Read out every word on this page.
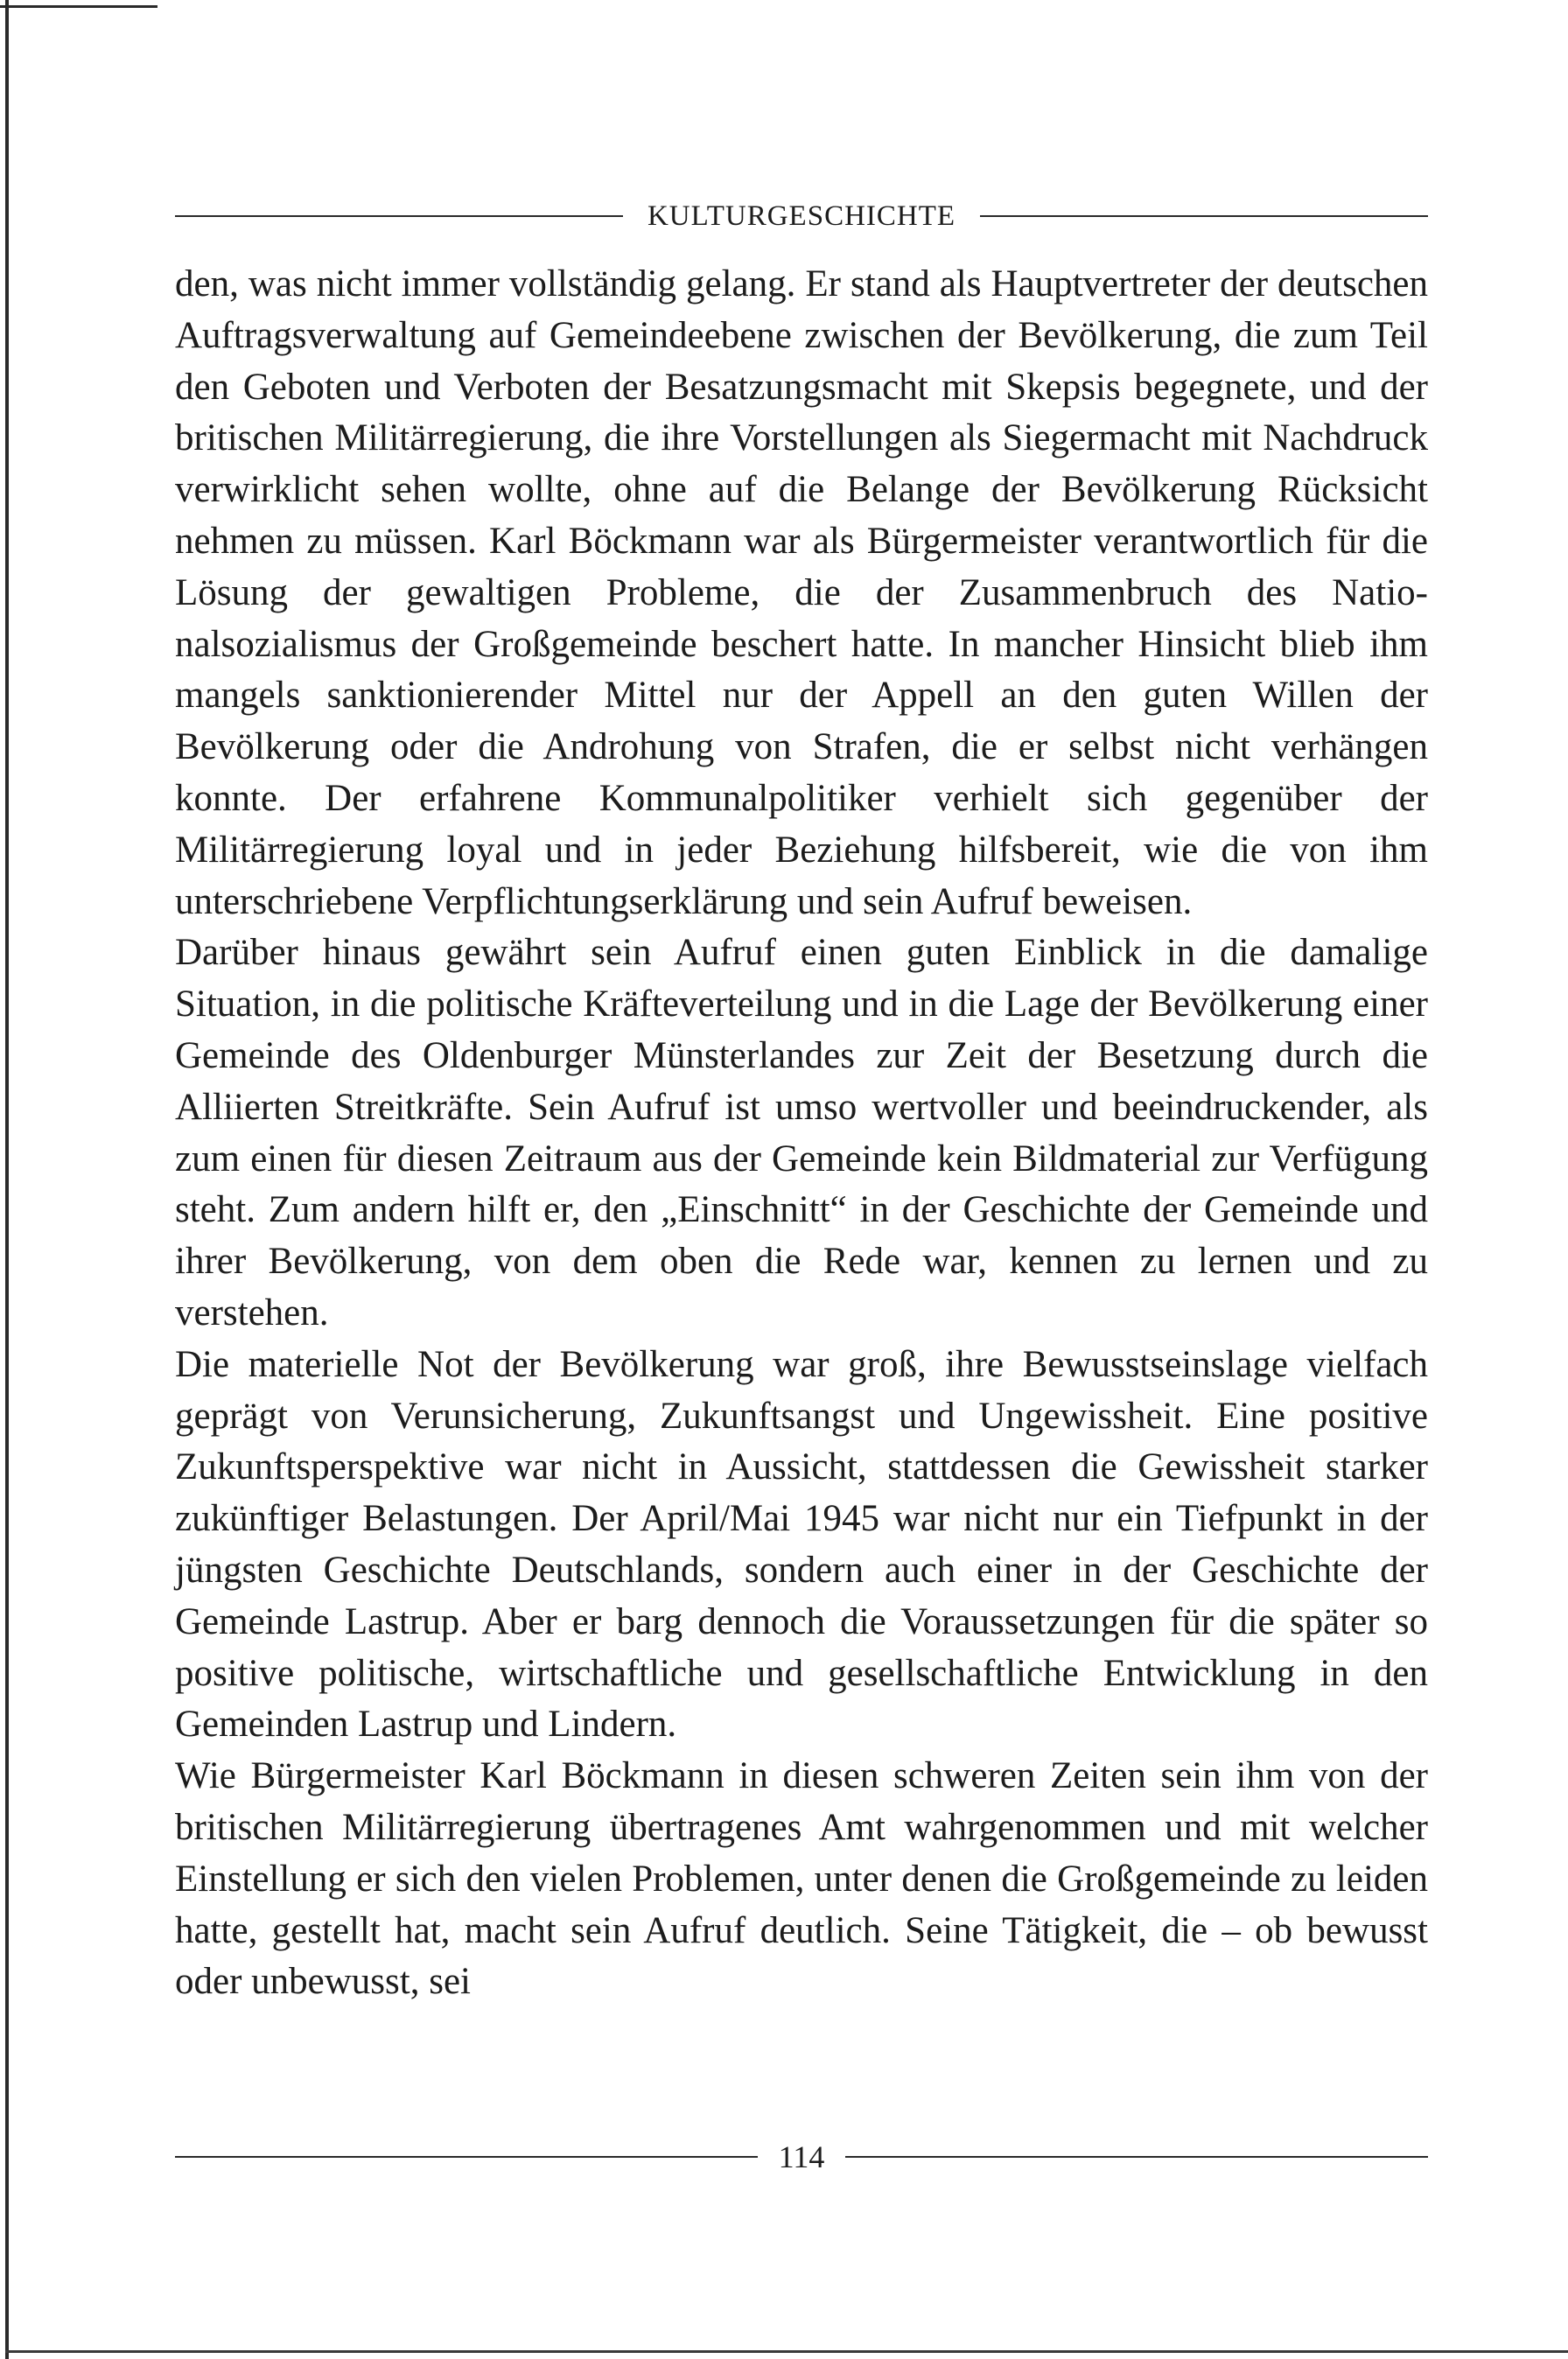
KULTURGESCHICHTE

den, was nicht immer vollständig gelang. Er stand als Hauptvertreter der deutschen Auftragsverwaltung auf Gemeindeebene zwischen der Bevölkerung, die zum Teil den Geboten und Verboten der Besatzungsmacht mit Skepsis begegnete, und der britischen Militärregierung, die ihre Vorstellungen als Siegermacht mit Nachdruck verwirklicht sehen wollte, ohne auf die Belange der Bevölkerung Rücksicht nehmen zu müssen. Karl Böckmann war als Bürgermeister verantwortlich für die Lösung der gewaltigen Probleme, die der Zusammenbruch des Nationalsozialismus der Großgemeinde beschert hatte. In mancher Hinsicht blieb ihm mangels sanktionierender Mittel nur der Appell an den guten Willen der Bevölkerung oder die Androhung von Strafen, die er selbst nicht verhängen konnte. Der erfahrene Kommunalpolitiker verhielt sich gegenüber der Militärregierung loyal und in jeder Beziehung hilfsbereit, wie die von ihm unterschriebene Verpflichtungserklärung und sein Aufruf beweisen.

Darüber hinaus gewährt sein Aufruf einen guten Einblick in die damalige Situation, in die politische Kräfteverteilung und in die Lage der Bevölkerung einer Gemeinde des Oldenburger Münsterlandes zur Zeit der Besetzung durch die Alliierten Streitkräfte. Sein Aufruf ist umso wertvoller und beeindruckender, als zum einen für diesen Zeitraum aus der Gemeinde kein Bildmaterial zur Verfügung steht. Zum andern hilft er, den „Einschnitt“ in der Geschichte der Gemeinde und ihrer Bevölkerung, von dem oben die Rede war, kennen zu lernen und zu verstehen.

Die materielle Not der Bevölkerung war groß, ihre Bewusstseinslage vielfach geprägt von Verunsicherung, Zukunftsangst und Ungewissheit. Eine positive Zukunftsperspektive war nicht in Aussicht, stattdessen die Gewissheit starker zukünftiger Belastungen. Der April/Mai 1945 war nicht nur ein Tiefpunkt in der jüngsten Geschichte Deutschlands, sondern auch einer in der Geschichte der Gemeinde Lastrup. Aber er barg dennoch die Voraussetzungen für die später so positive politische, wirtschaftliche und gesellschaftliche Entwicklung in den Gemeinden Lastrup und Lindern.

Wie Bürgermeister Karl Böckmann in diesen schweren Zeiten sein ihm von der britischen Militärregierung übertragenes Amt wahrgenommen und mit welcher Einstellung er sich den vielen Problemen, unter denen die Großgemeinde zu leiden hatte, gestellt hat, macht sein Aufruf deutlich. Seine Tätigkeit, die – ob bewusst oder unbewusst, sei

114
